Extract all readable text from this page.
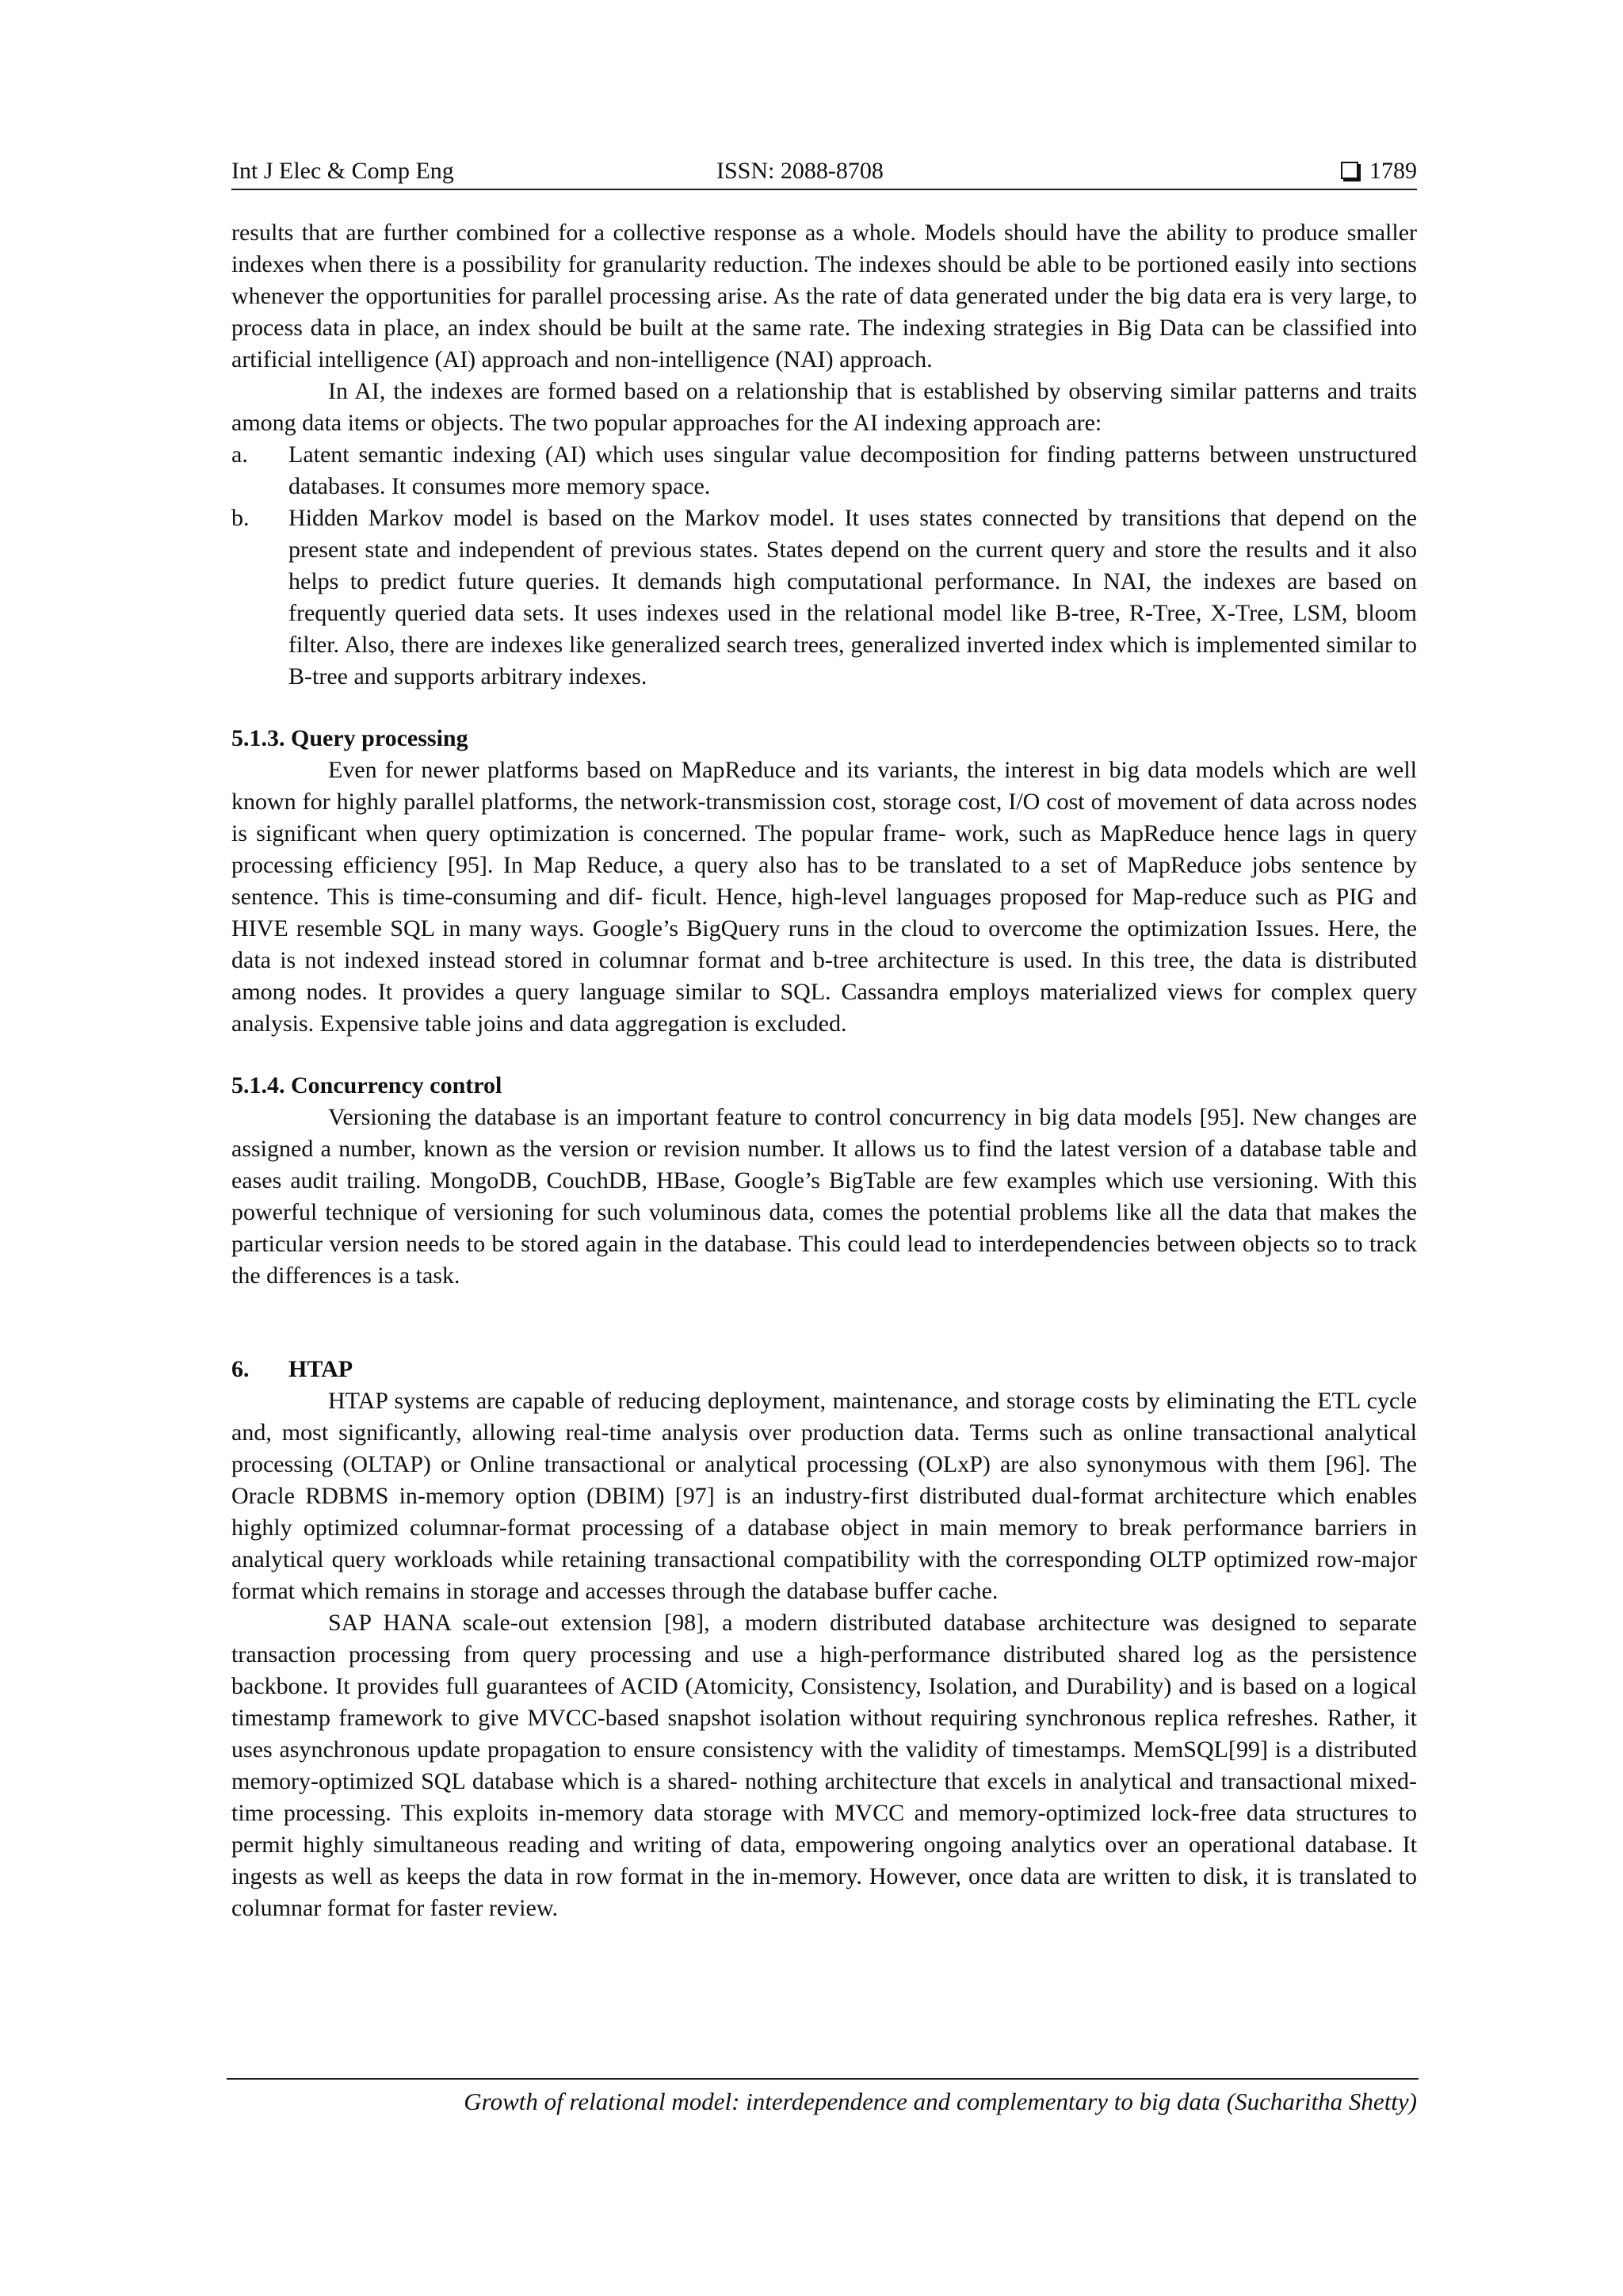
Int J Elec & Comp Eng	ISSN: 2088-8708	1789

results that are further combined for a collective response as a whole. Models should have the ability to produce smaller indexes when there is a possibility for granularity reduction. The indexes should be able to be portioned easily into sections whenever the opportunities for parallel processing arise. As the rate of data generated under the big data era is very large, to process data in place, an index should be built at the same rate. The indexing strategies in Big Data can be classified into artificial intelligence (AI) approach and non-intelligence (NAI) approach.

In AI, the indexes are formed based on a relationship that is established by observing similar patterns and traits among data items or objects. The two popular approaches for the AI indexing approach are:

a. Latent semantic indexing (AI) which uses singular value decomposition for finding patterns between unstructured databases. It consumes more memory space.
b. Hidden Markov model is based on the Markov model. It uses states connected by transitions that depend on the present state and independent of previous states. States depend on the current query and store the results and it also helps to predict future queries. It demands high computational performance. In NAI, the indexes are based on frequently queried data sets. It uses indexes used in the relational model like B-tree, R-Tree, X-Tree, LSM, bloom filter. Also, there are indexes like generalized search trees, generalized inverted index which is implemented similar to B-tree and supports arbitrary indexes.
5.1.3. Query processing

Even for newer platforms based on MapReduce and its variants, the interest in big data models which are well known for highly parallel platforms, the network-transmission cost, storage cost, I/O cost of movement of data across nodes is significant when query optimization is concerned. The popular frame- work, such as MapReduce hence lags in query processing efficiency [95]. In Map Reduce, a query also has to be translated to a set of MapReduce jobs sentence by sentence. This is time-consuming and dif- ficult. Hence, high-level languages proposed for Map-reduce such as PIG and HIVE resemble SQL in many ways. Google’s BigQuery runs in the cloud to overcome the optimization Issues. Here, the data is not indexed instead stored in columnar format and b-tree architecture is used. In this tree, the data is distributed among nodes. It provides a query language similar to SQL. Cassandra employs materialized views for complex query analysis. Expensive table joins and data aggregation is excluded.

5.1.4. Concurrency control

Versioning the database is an important feature to control concurrency in big data models [95]. New changes are assigned a number, known as the version or revision number. It allows us to find the latest version of a database table and eases audit trailing. MongoDB, CouchDB, HBase, Google’s BigTable are few examples which use versioning. With this powerful technique of versioning for such voluminous data, comes the potential problems like all the data that makes the particular version needs to be stored again in the database. This could lead to interdependencies between objects so to track the differences is a task.

6. HTAP

HTAP systems are capable of reducing deployment, maintenance, and storage costs by eliminating the ETL cycle and, most significantly, allowing real-time analysis over production data. Terms such as online transactional analytical processing (OLTAP) or Online transactional or analytical processing (OLxP) are also synonymous with them [96]. The Oracle RDBMS in-memory option (DBIM) [97] is an industry-first distributed dual-format architecture which enables highly optimized columnar-format processing of a database object in main memory to break performance barriers in analytical query workloads while retaining transactional compatibility with the corresponding OLTP optimized row-major format which remains in storage and accesses through the database buffer cache.

SAP HANA scale-out extension [98], a modern distributed database architecture was designed to separate transaction processing from query processing and use a high-performance distributed shared log as the persistence backbone. It provides full guarantees of ACID (Atomicity, Consistency, Isolation, and Durability) and is based on a logical timestamp framework to give MVCC-based snapshot isolation without requiring synchronous replica refreshes. Rather, it uses asynchronous update propagation to ensure consistency with the validity of timestamps. MemSQL[99] is a distributed memory-optimized SQL database which is a shared- nothing architecture that excels in analytical and transactional mixed-time processing. This exploits in-memory data storage with MVCC and memory-optimized lock-free data structures to permit highly simultaneous reading and writing of data, empowering ongoing analytics over an operational database. It ingests as well as keeps the data in row format in the in-memory. However, once data are written to disk, it is translated to columnar format for faster review.

Growth of relational model: interdependence and complementary to big data (Sucharitha Shetty)
